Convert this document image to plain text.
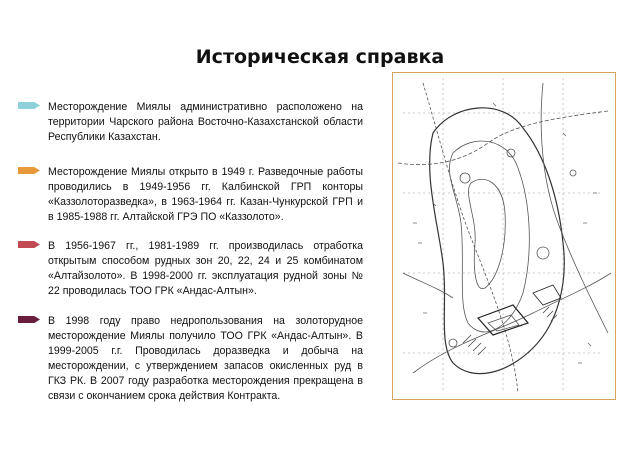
Историческая справка
Месторождение Миялы административно расположено на территории Чарского района Восточно-Казахстанской области Республики Казахстан.
Месторождение Миялы открыто в 1949 г. Разведочные работы проводились в 1949-1956 гг. Калбинской ГРП конторы «Каззолоторазведка», в 1963-1964 гг. Казан-Чункурской ГРП и в 1985-1988 гг. Алтайской ГРЭ ПО «Каззолото».
В 1956-1967 гг., 1981-1989 гг. производилась отработка открытым способом рудных зон 20, 22, 24 и 25 комбинатом «Алтайзолото». В 1998-2000 гг. эксплуатация рудной зоны № 22 проводилась ТОО ГРК «Андас-Алтын».
В 1998 году право недропользования на золоторудное месторождение Миялы получило ТОО ГРК «Андас-Алтын». В 1999-2005 г.г. Проводилась доразведка и добыча на месторождении, с утверждением запасов окисленных руд в ГКЗ РК. В 2007 году разработка месторождения прекращена в связи с окончанием срока действия Контракта.
